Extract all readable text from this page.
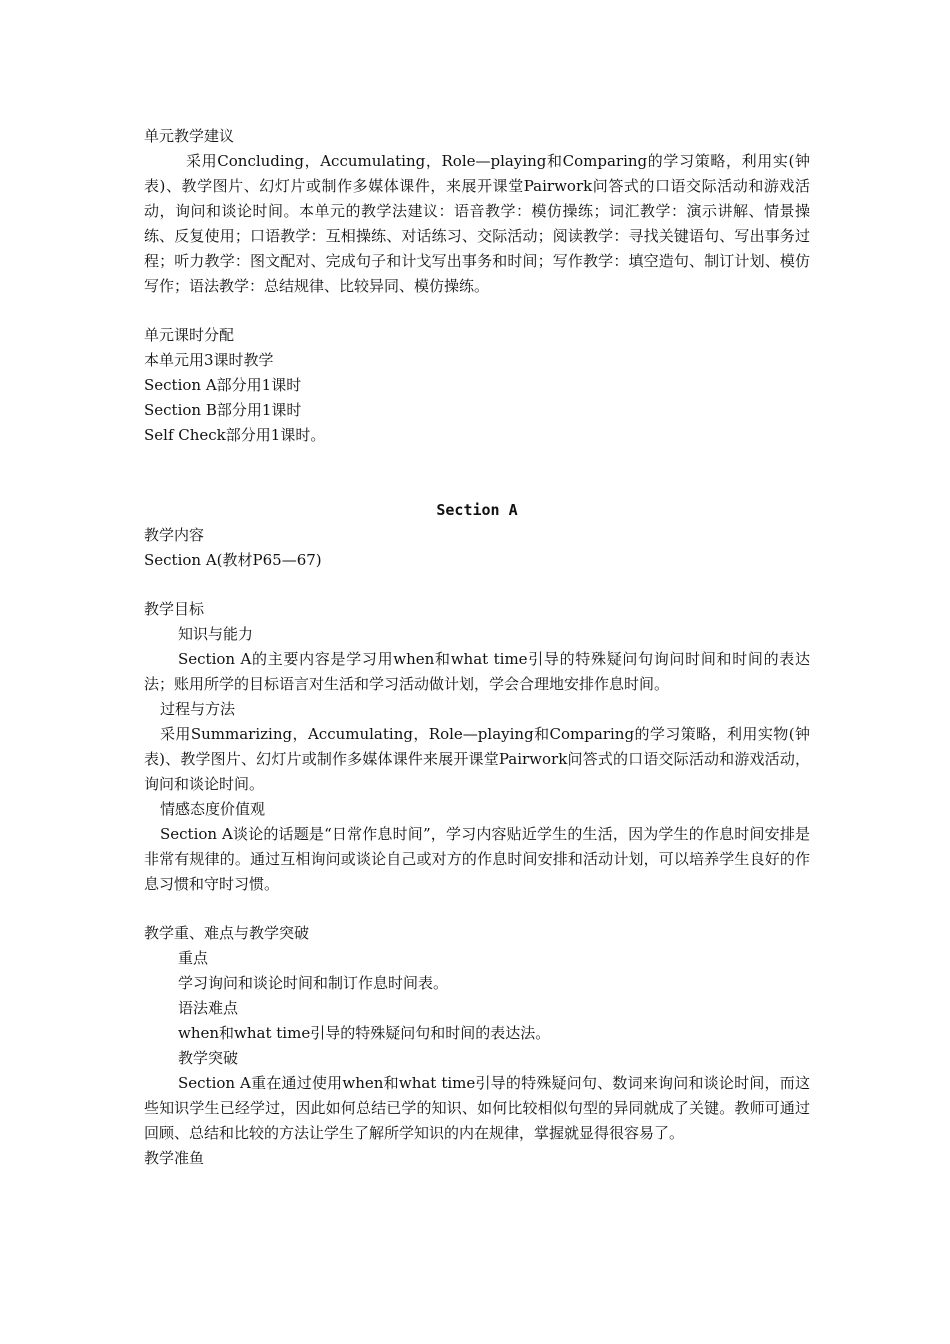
单元教学建议
采用Concluding，Accumulating，Role—playing和Comparing的学习策略，利用实(钟表)、教学图片、幻灯片或制作多媒体课件，来展开课堂Pairwork问答式的口语交际活动和游戏活动，询问和谈论时间。本单元的教学法建议：语音教学：模仿操练；词汇教学：演示讲解、情景操练、反复使用；口语教学：互相操练、对话练习、交际活动；阅读教学：寻找关键语句、写出事务过程；听力教学：图文配对、完成句子和计戈写出事务和时间；写作教学：填空造句、制订计划、模仿写作；语法教学：总结规律、比较异同、模仿操练。
单元课时分配
本单元用3课时教学
Section A部分用1课时
Section B部分用1课时
Self Check部分用1课时。
Section A
教学内容
Section A(教材P65—67)
教学目标
知识与能力
Section A的主要内容是学习用when和what time引导的特殊疑问句询问时间和时间的表达法；账用所学的目标语言对生活和学习活动做计划，学会合理地安排作息时间。
过程与方法
采用Summarizing，Accumulating，Role—playing和Comparing的学习策略，利用实物(钟表)、教学图片、幻灯片或制作多媒体课件来展开课堂Pairwork问答式的口语交际活动和游戏活动，询问和谈论时间。
情感态度价值观
Section A谈论的话题是“日常作息时间”，学习内容贴近学生的生活，因为学生的作息时间安排是非常有规律的。通过互相询问或谈论自己或对方的作息时间安排和活动计划，可以培养学生良好的作息习惯和守时习惯。
教学重、难点与教学突破
重点
学习询问和谈论时间和制订作息时间表。
语法难点
when和what time引导的特殊疑问句和时间的表达法。
教学突破
Section A重在通过使用when和what time引导的特殊疑问句、数词来询问和谈论时间，而这些知识学生已经学过，因此如何总结已学的知识、如何比较相似句型的异同就成了关键。教师可通过回顾、总结和比较的方法让学生了解所学知识的内在规律，掌握就显得很容易了。
教学准鱼
